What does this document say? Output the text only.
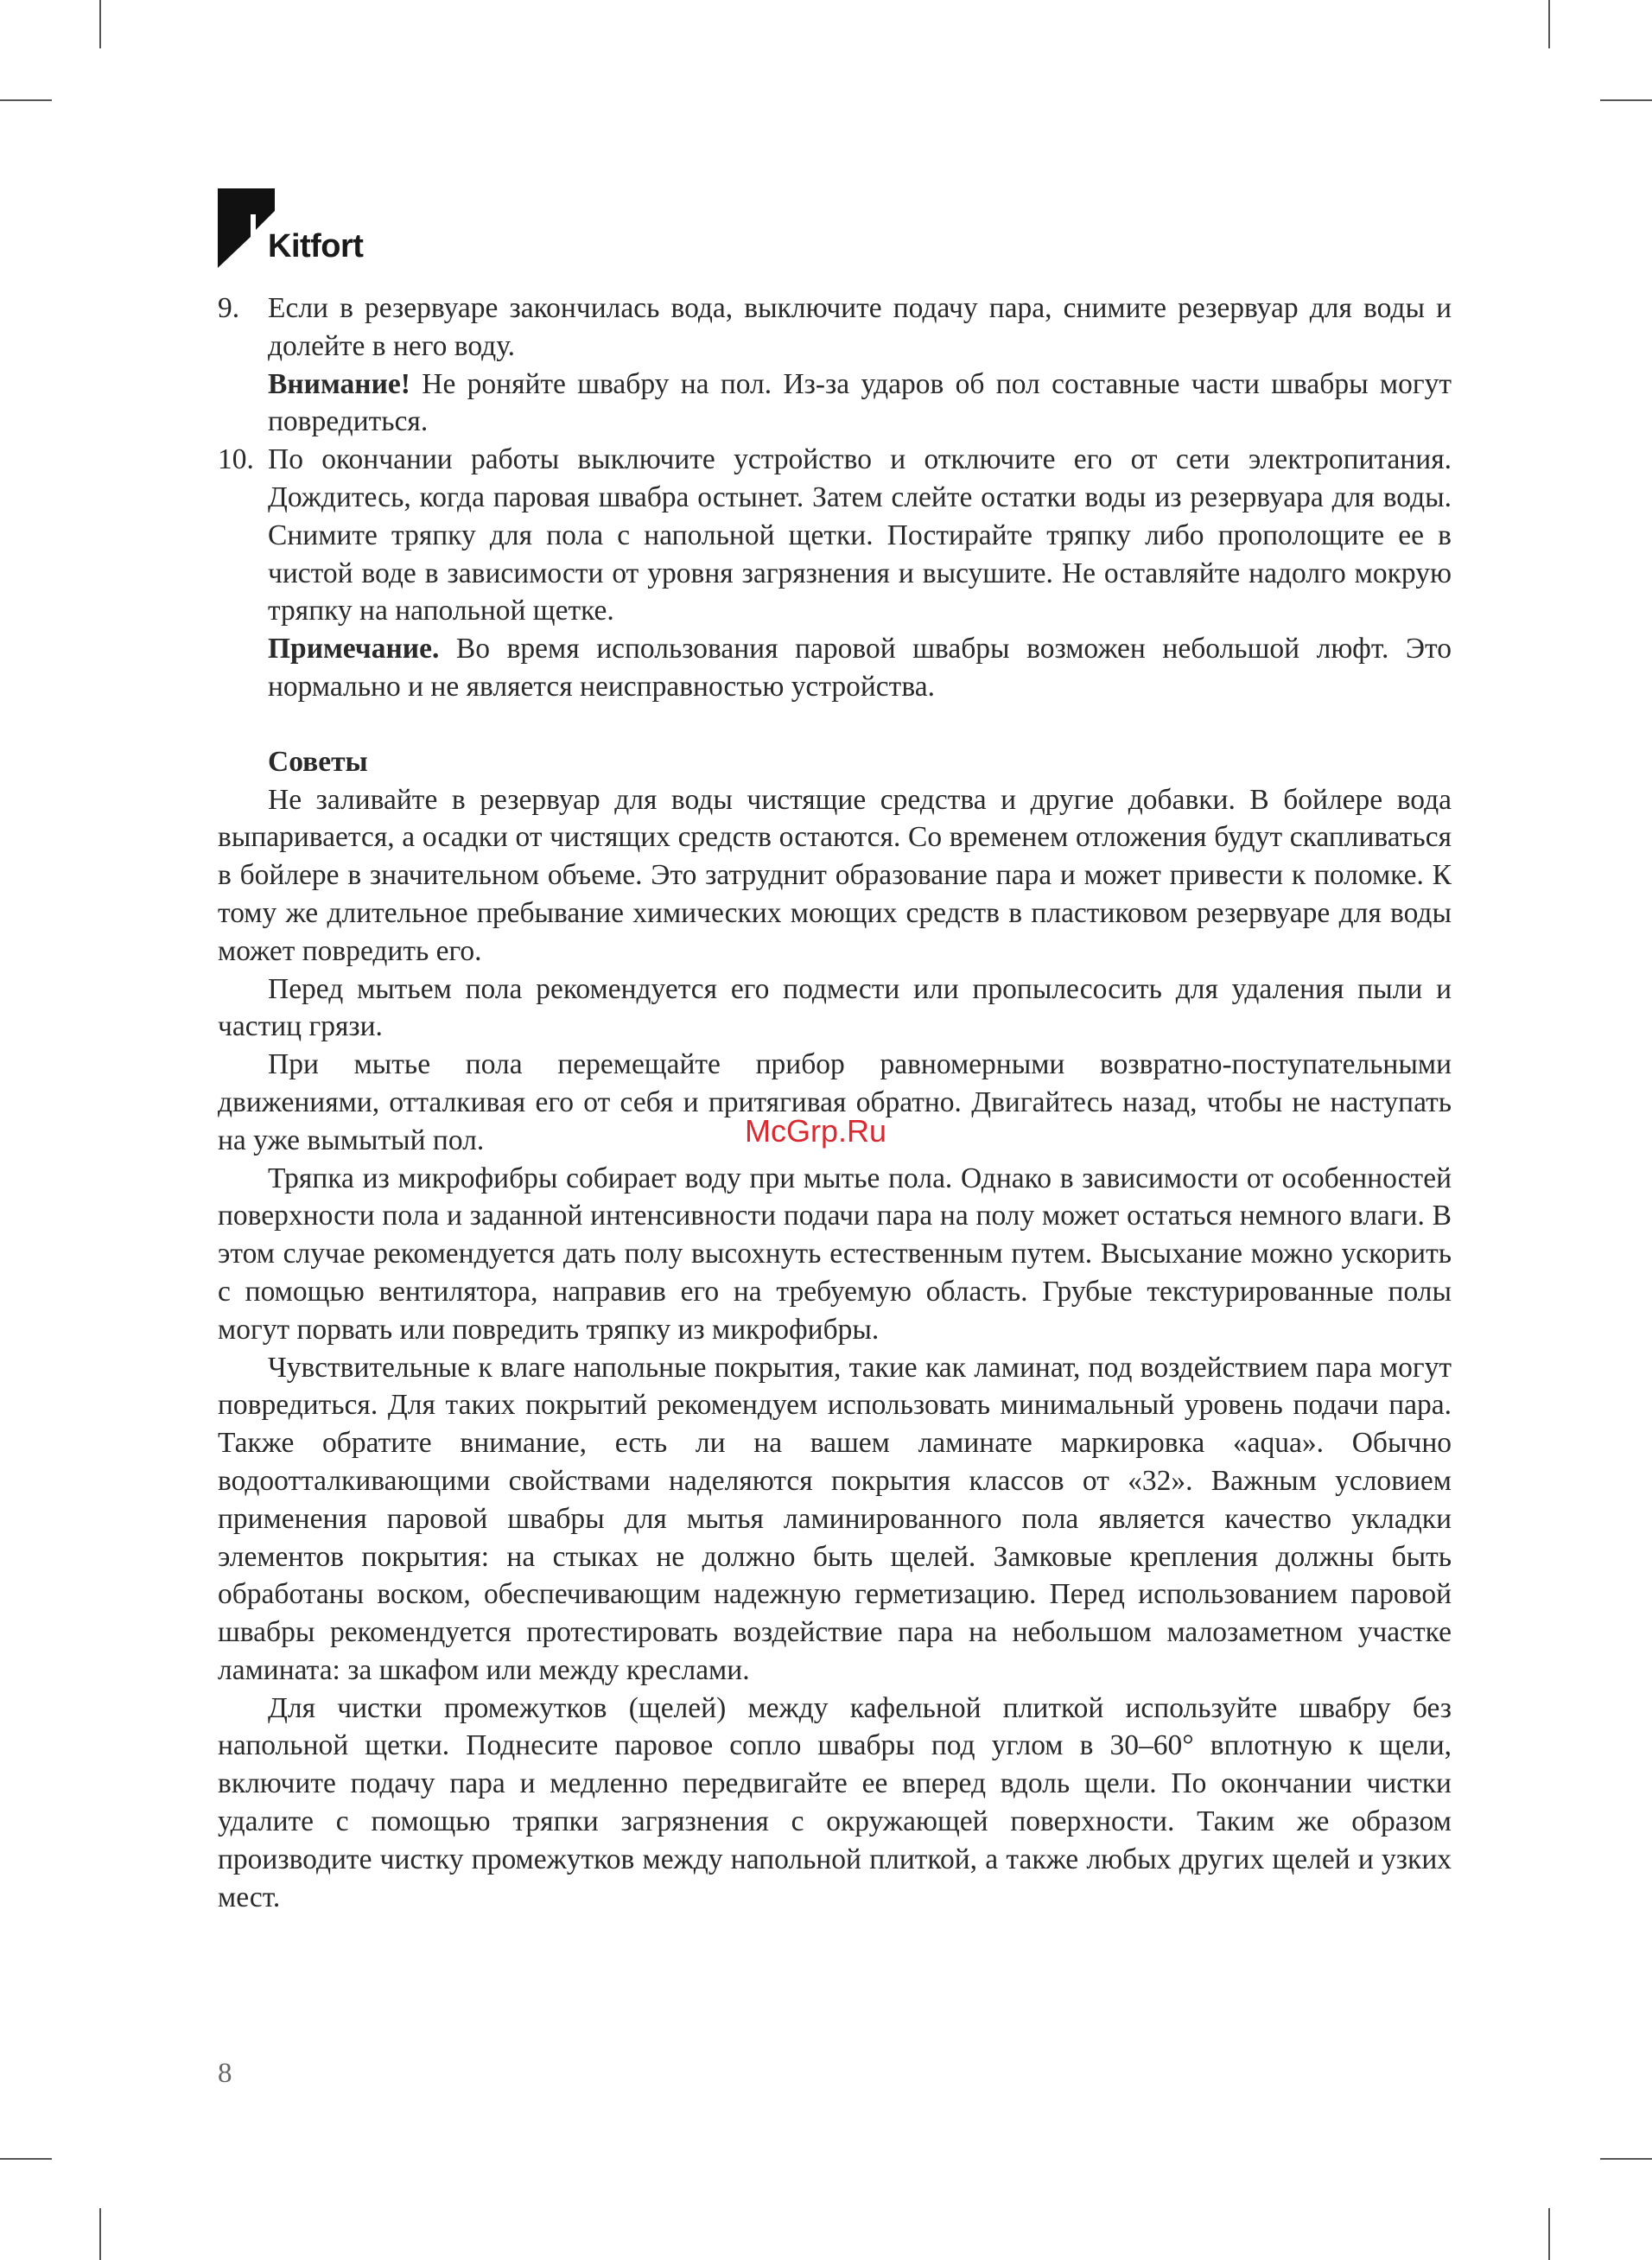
Kitfort
9. Если в резервуаре закончилась вода, выключите подачу пара, снимите резервуар для воды и долейте в него воду.

Внимание! Не роняйте швабру на пол. Из-за ударов об пол составные части швабры могут повредиться.

10. По окончании работы выключите устройство и отключите его от сети электропитания. Дождитесь, когда паровая швабра остынет. Затем слейте остатки воды из резервуара для воды. Снимите тряпку для пола с напольной щетки. Постирайте тряпку либо прополощите ее в чистой воде в зависимости от уровня загрязнения и высушите. Не оставляйте надолго мокрую тряпку на напольной щетке.

Примечание. Во время использования паровой швабры возможен небольшой люфт. Это нормально и не является неисправностью устройства.

Советы

Не заливайте в резервуар для воды чистящие средства и другие добавки. В бойлере вода выпаривается, а осадки от чистящих средств остаются. Со временем отложения будут скапливаться в бойлере в значительном объеме. Это затруднит образование пара и может привести к поломке. К тому же длительное пребывание химических моющих средств в пластиковом резервуаре для воды может повредить его.

Перед мытьем пола рекомендуется его подмести или пропылесосить для удаления пыли и частиц грязи.

При мытье пола перемещайте прибор равномерными возвратно-поступательными движениями, отталкивая его от себя и притягивая обратно. Двигайтесь назад, чтобы не наступать на уже вымытый пол.

Тряпка из микрофибры собирает воду при мытье пола. Однако в зависимости от особенностей поверхности пола и заданной интенсивности подачи пара на полу может остаться немного влаги. В этом случае рекомендуется дать полу высохнуть естественным путем. Высыхание можно ускорить с помощью вентилятора, направив его на требуемую область. Грубые текстурированные полы могут порвать или повредить тряпку из микрофибры.

Чувствительные к влаге напольные покрытия, такие как ламинат, под воздействием пара могут повредиться. Для таких покрытий рекомендуем использовать минимальный уровень подачи пара. Также обратите внимание, есть ли на вашем ламинате маркировка «aqua». Обычно водоотталкивающими свойствами наделяются покрытия классов от «32». Важным условием применения паровой швабры для мытья ламинированного пола является качество укладки элементов покрытия: на стыках не должно быть щелей. Замковые крепления должны быть обработаны воском, обеспечивающим надежную герметизацию. Перед использованием паровой швабры рекомендуется протестировать воздействие пара на небольшом малозаметном участке ламината: за шкафом или между креслами.

Для чистки промежутков (щелей) между кафельной плиткой используйте швабру без напольной щетки. Поднесите паровое сопло швабры под углом в 30–60° вплотную к щели, включите подачу пара и медленно передвигайте ее вперед вдоль щели. По окончании чистки удалите с помощью тряпки загрязнения с окружающей поверхности. Таким же образом производите чистку промежутков между напольной плиткой, а также любых других щелей и узких мест.

McGrp.Ru
8
